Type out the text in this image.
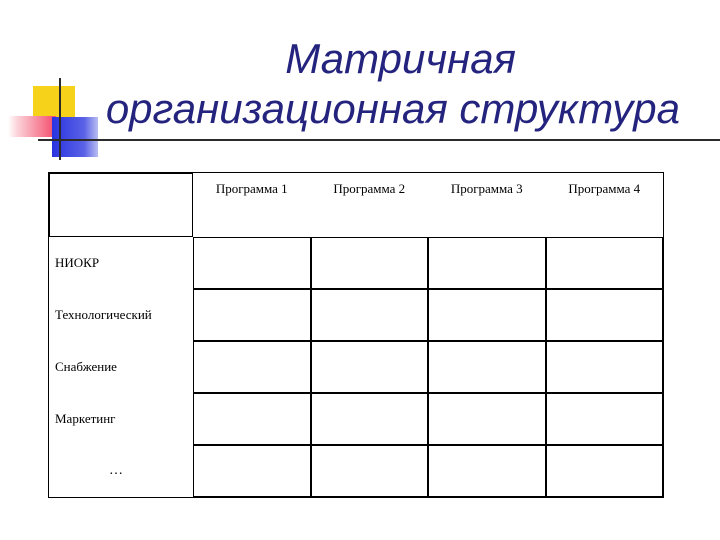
Матричная
организационная структура
	Программа 1	Программа 2	Программа 3	Программа 4
НИОКР				
Технологический				
Снабжение				
Маркетинг				
…				
